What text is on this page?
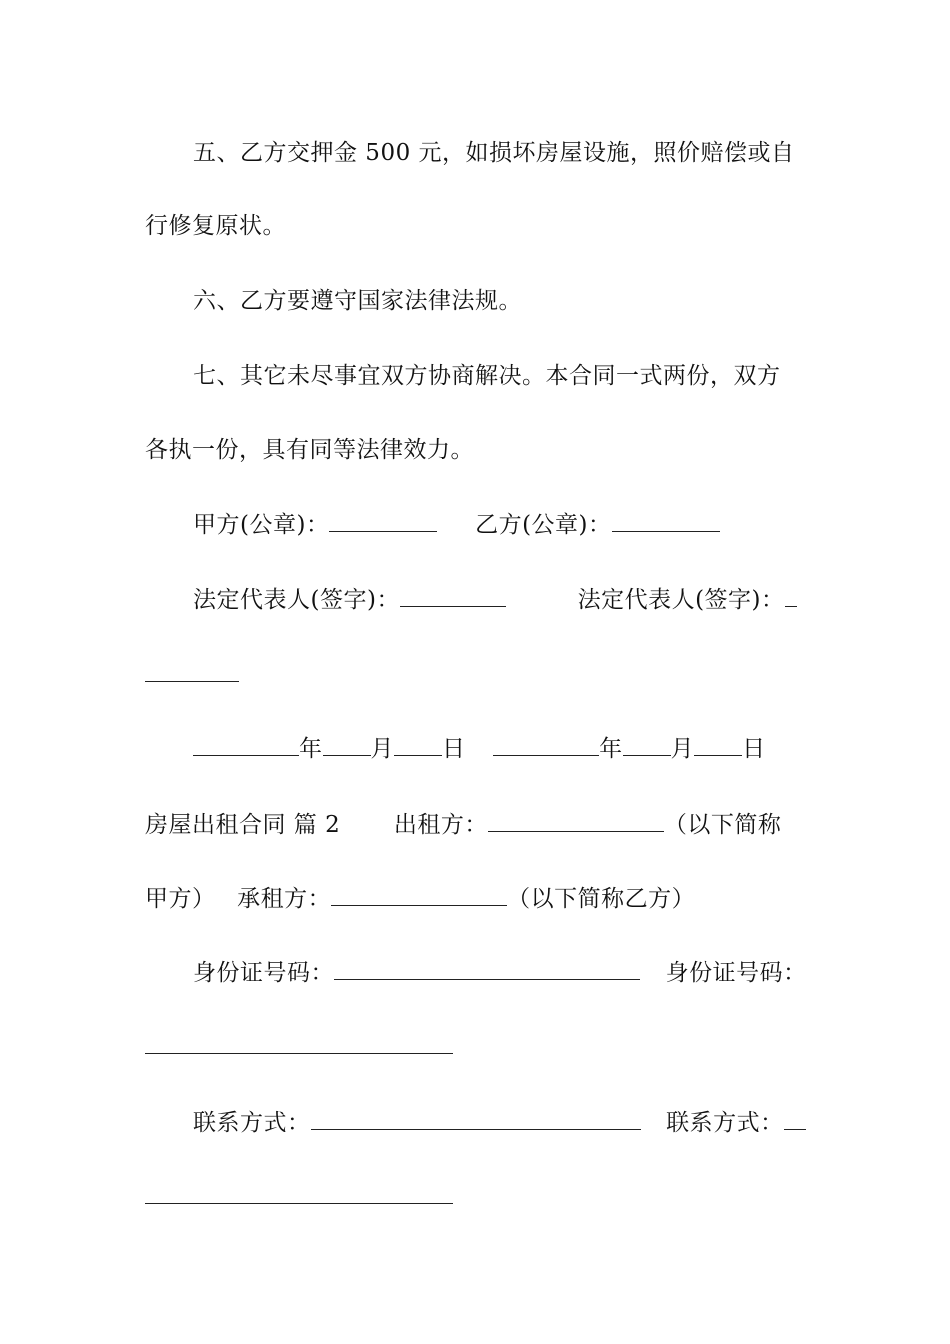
五、乙方交押金 500 元，如损坏房屋设施，照价赔偿或自
行修复原状。
六、乙方要遵守国家法律法规。
七、其它未尽事宜双方协商解决。本合同一式两份，双方
各执一份，具有同等法律效力。
甲方(公章)：	乙方(公章)：
法定代表人(签字)：	法定代表人(签字)：
年 月 日	年 月 日
房屋出租合同 篇 2 出租方：	（以下简称
甲方） 承租方：	（以下简称乙方）
身份证号码：	身份证号码：
联系方式：	联系方式：
